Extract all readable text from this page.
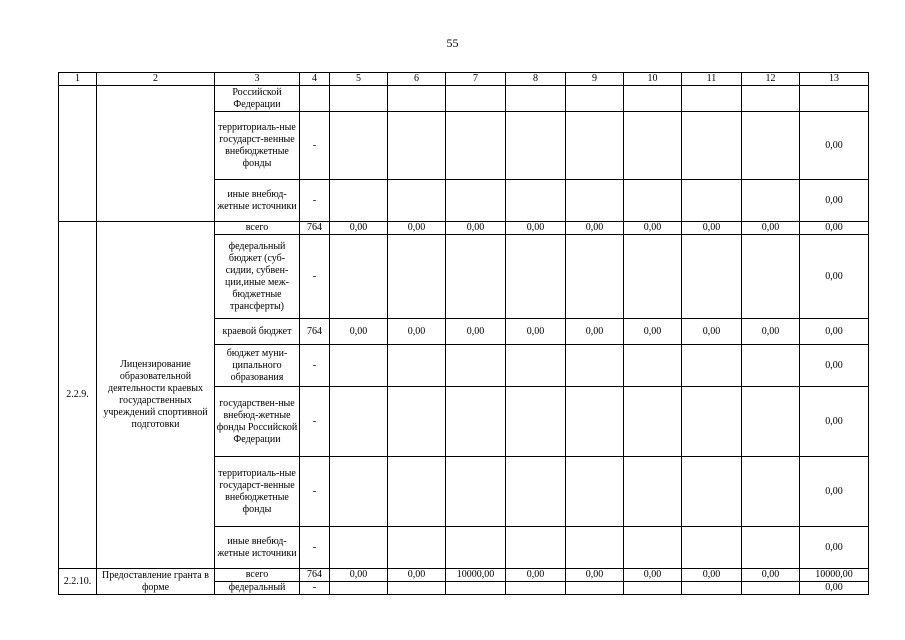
55
1	2	3	4	5	6	7	8	9	10	11	12	13
		Российской Федерации										
		территориаль-ные государст-венные внебюджетные фонды	-									0,00
		иные внебюд-жетные источники	-									0,00
2.2.9.	Лицензирование образовательной деятельности краевых государственных учреждений спортивной подготовки	всего	764	0,00	0,00	0,00	0,00	0,00	0,00	0,00	0,00	0,00
		федеральный бюджет (суб-сидии, субвен-ции,иные меж-бюджетные трансферты)	-									0,00
		краевой бюджет	764	0,00	0,00	0,00	0,00	0,00	0,00	0,00	0,00	0,00
		бюджет муни-ципального образования	-									0,00
		государствен-ные внебюд-жетные фонды Российской Федерации	-									0,00
		территориаль-ные государст-венные внебюджетные фонды	-									0,00
		иные внебюд-жетные источники	-									0,00
2.2.10.	Предоставление гранта в форме	всего	764	0,00	0,00	10000,00	0,00	0,00	0,00	0,00	0,00	10000,00
		федеральный	-									0,00
